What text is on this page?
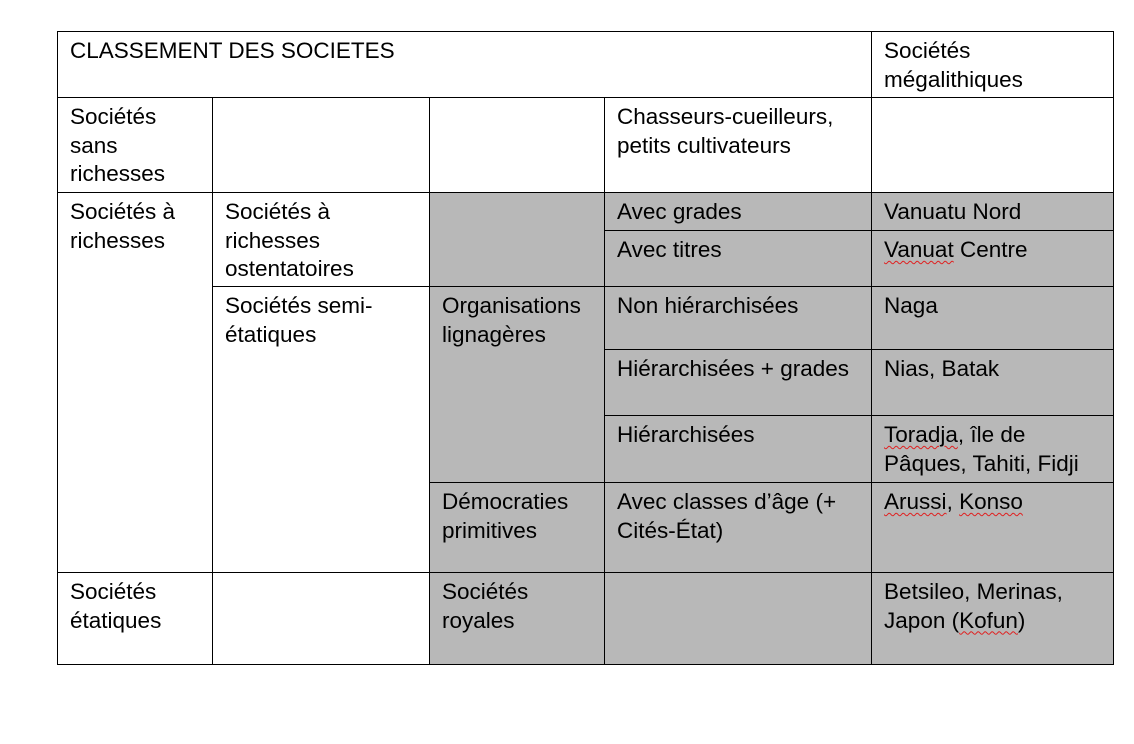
CLASSEMENT DES SOCIETES				Sociétés mégalithiques
Sociétés sans richesses			Chasseurs-cueilleurs, petits cultivateurs	
Sociétés à richesses	Sociétés à richesses ostentatoires		Avec grades	Vanuatu Nord
			Avec titres	Vanuat Centre
	Sociétés semi-étatiques	Organisations lignagères	Non hiérarchisées	Naga
			Hiérarchisées + grades	Nias, Batak
			Hiérarchisées	Toradja, île de Pâques, Tahiti, Fidji
		Démocraties primitives	Avec classes d’âge (+ Cités-État)	Arussi, Konso

Sociétés étatiques		Sociétés royales		Betsileo, Merinas, Japon (Kofun)
